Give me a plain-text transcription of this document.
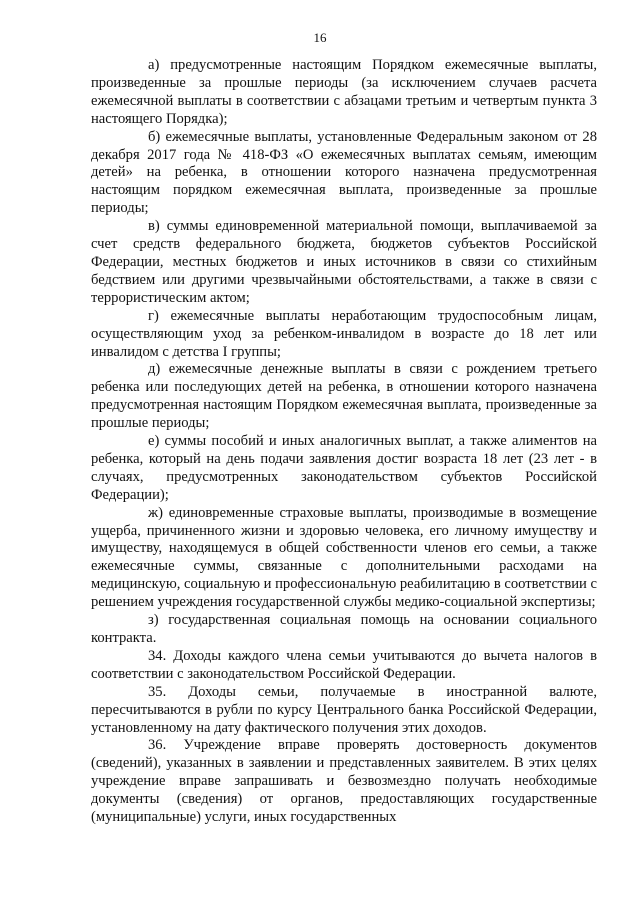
16

а) предусмотренные настоящим Порядком ежемесячные выплаты, произведенные за прошлые периоды (за исключением случаев расчета ежемесячной выплаты в соответствии с абзацами третьим и четвертым пункта 3 настоящего Порядка);

б) ежемесячные выплаты, установленные Федеральным законом от 28 декабря 2017 года № 418-ФЗ «О ежемесячных выплатах семьям, имеющим детей» на ребенка, в отношении которого назначена предусмотренная настоящим порядком ежемесячная выплата, произведенные за прошлые периоды;

в) суммы единовременной материальной помощи, выплачиваемой за счет средств федерального бюджета, бюджетов субъектов Российской Федерации, местных бюджетов и иных источников в связи со стихийным бедствием или другими чрезвычайными обстоятельствами, а также в связи с террористическим актом;

г) ежемесячные выплаты неработающим трудоспособным лицам, осуществляющим уход за ребенком-инвалидом в возрасте до 18 лет или инвалидом с детства I группы;

д) ежемесячные денежные выплаты в связи с рождением третьего ребенка или последующих детей на ребенка, в отношении которого назначена предусмотренная настоящим Порядком ежемесячная выплата, произведенные за прошлые периоды;

е) суммы пособий и иных аналогичных выплат, а также алиментов на ребенка, который на день подачи заявления достиг возраста 18 лет (23 лет - в случаях, предусмотренных законодательством субъектов Российской Федерации);

ж) единовременные страховые выплаты, производимые в возмещение ущерба, причиненного жизни и здоровью человека, его личному имуществу и имуществу, находящемуся в общей собственности членов его семьи, а также ежемесячные суммы, связанные с дополнительными расходами на медицинскую, социальную и профессиональную реабилитацию в соответствии с решением учреждения государственной службы медико-социальной экспертизы;

з) государственная социальная помощь на основании социального контракта.

34. Доходы каждого члена семьи учитываются до вычета налогов в соответствии с законодательством Российской Федерации.

35. Доходы семьи, получаемые в иностранной валюте, пересчитываются в рубли по курсу Центрального банка Российской Федерации, установленному на дату фактического получения этих доходов.

36. Учреждение вправе проверять достоверность документов (сведений), указанных в заявлении и представленных заявителем. В этих целях учреждение вправе запрашивать и безвозмездно получать необходимые документы (сведения) от органов, предоставляющих государственные (муниципальные) услуги, иных государственных
